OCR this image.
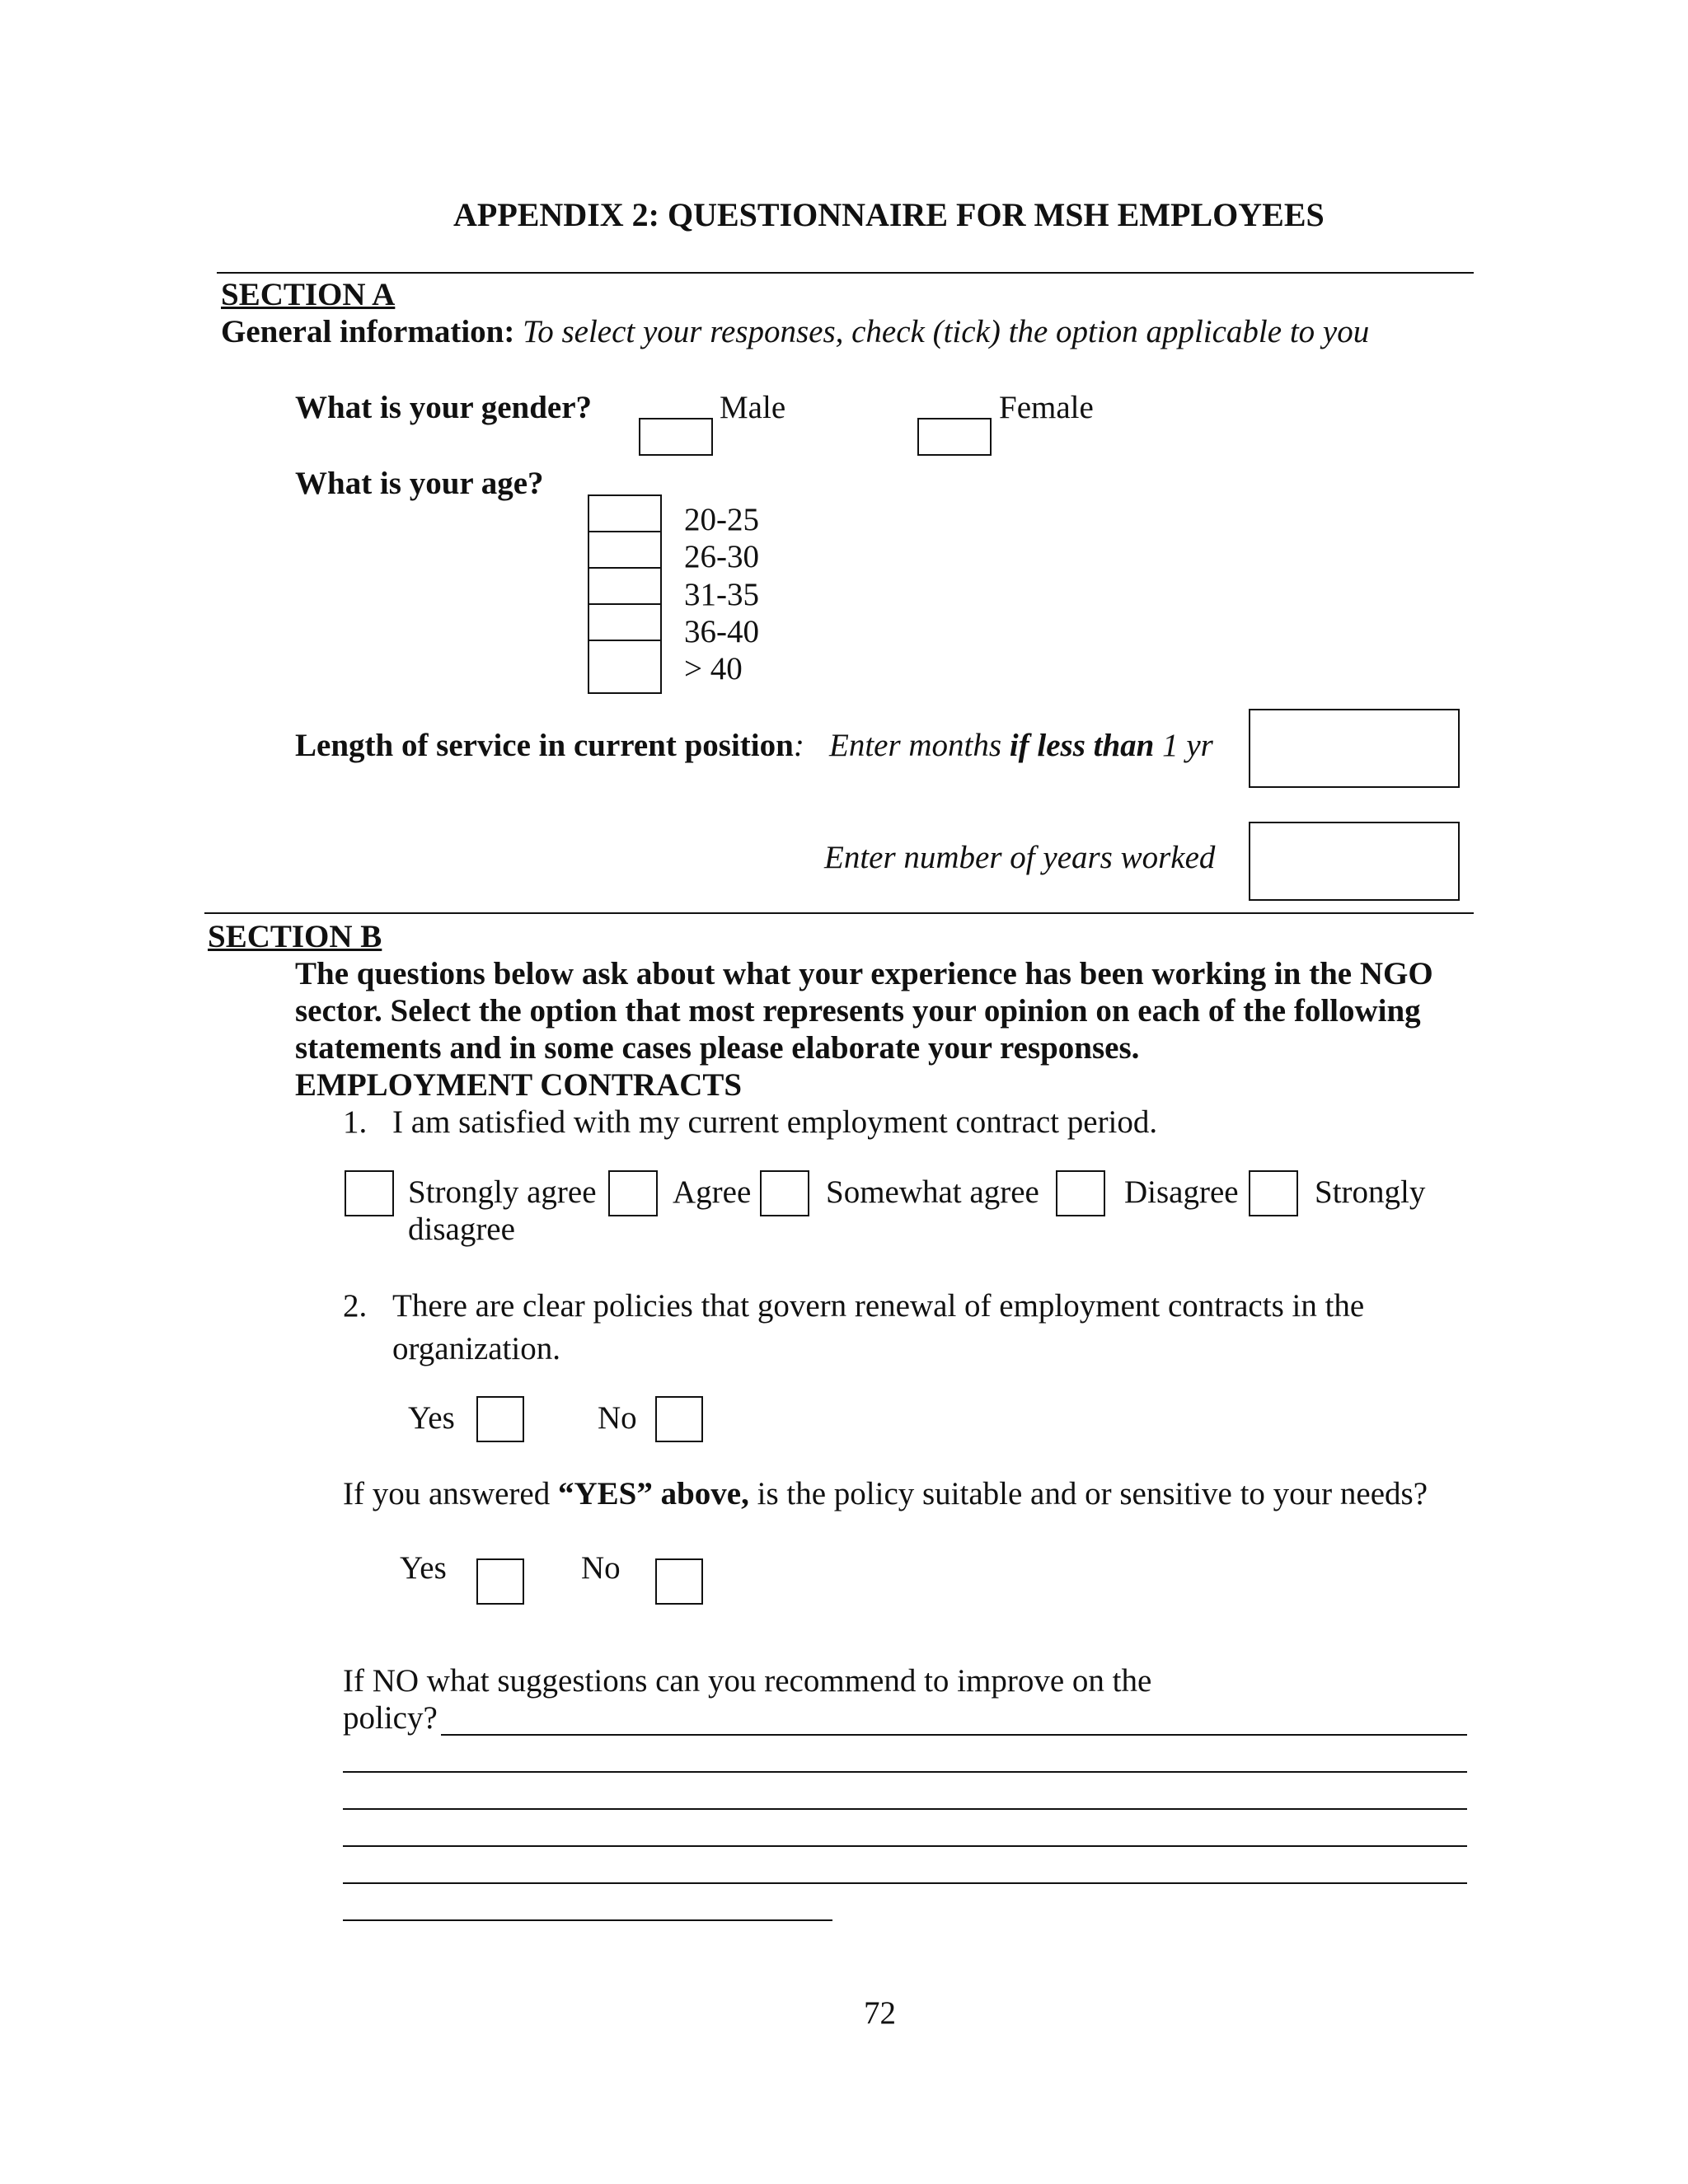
APPENDIX 2: QUESTIONNAIRE FOR MSH EMPLOYEES
SECTION A
General information: To select your responses, check (tick) the option applicable to you
What is your gender?	Male	Female
What is your age?
20-25
26-30
31-35
36-40
> 40
Length of service in current position: Enter months if less than 1 yr
Enter number of years worked
SECTION B
The questions below ask about what your experience has been working in the NGO
sector. Select the option that most represents your opinion on each of the following
statements and in some cases please elaborate your responses.
EMPLOYMENT CONTRACTS
1. I am satisfied with my current employment contract period.
Strongly agree Agree Somewhat agree	Disagree Strongly
disagree
2. There are clear policies that govern renewal of employment contracts in the
organization.
Yes	No
If you answered “YES” above, is the policy suitable and or sensitive to your needs?
Yes	No
If NO what suggestions can you recommend to improve on the
policy?
72
